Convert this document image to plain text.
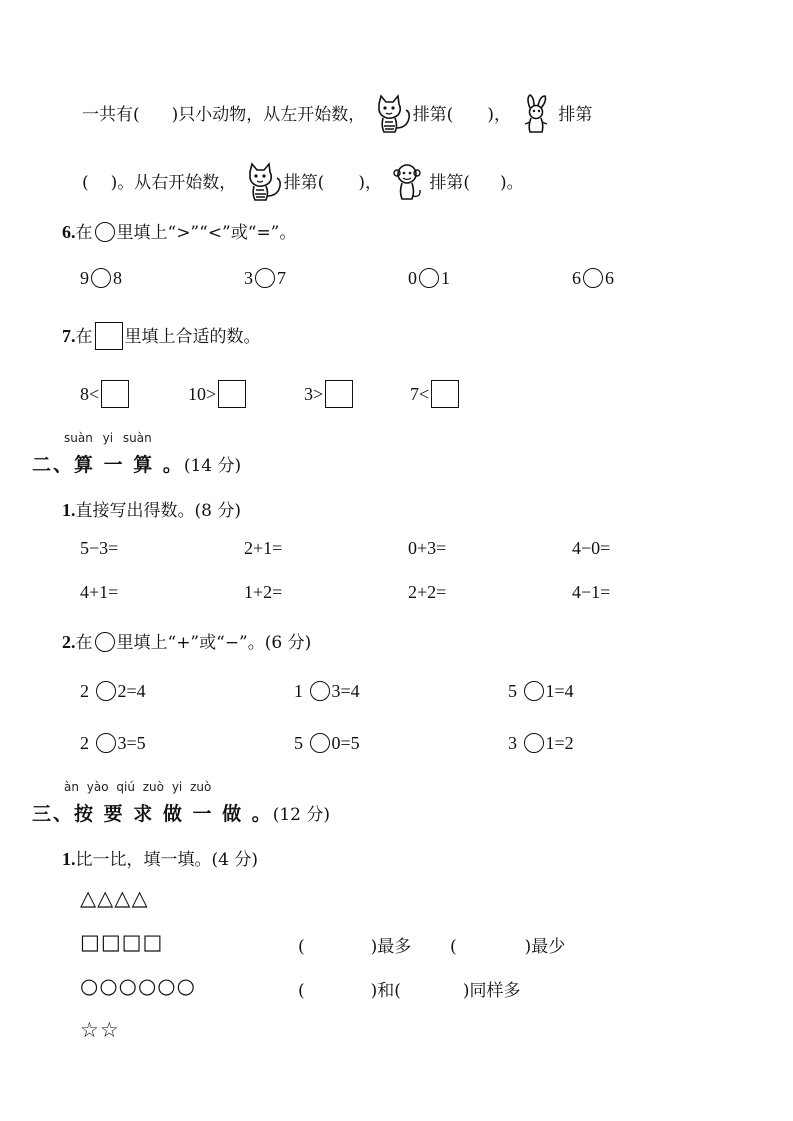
一共有( )只小动物，从左开始数，	排第( )，	排第
( )。从右开始数，	排第( )，	排第( )。
6.在 里填上“>”“<”或“=”。
9 8	3 7	0 1	6 6
7.在 里填上合适的数。
8<	10>	3>	7<
suàn yi suàn
二、算 一 算 。(14 分)
1.直接写出得数。(8 分)
5−3=	2+1=	0+3=	4−0=
4+1=	1+2=	2+2=	4−1=
2.在 里填上“+”或“−”。(6 分)
2 2=4	1 3=4	5 1=4
2 3=5	5 0=5	3 1=2
àn yào qiú zuò yi zuò
三、按 要 求 做 一 做 。(12 分)
1.比一比，填一填。(4 分)
△△△△
□□□□
○○○○○○
☆☆
(	)最多 (	)最少
(	)和(	)同样多
